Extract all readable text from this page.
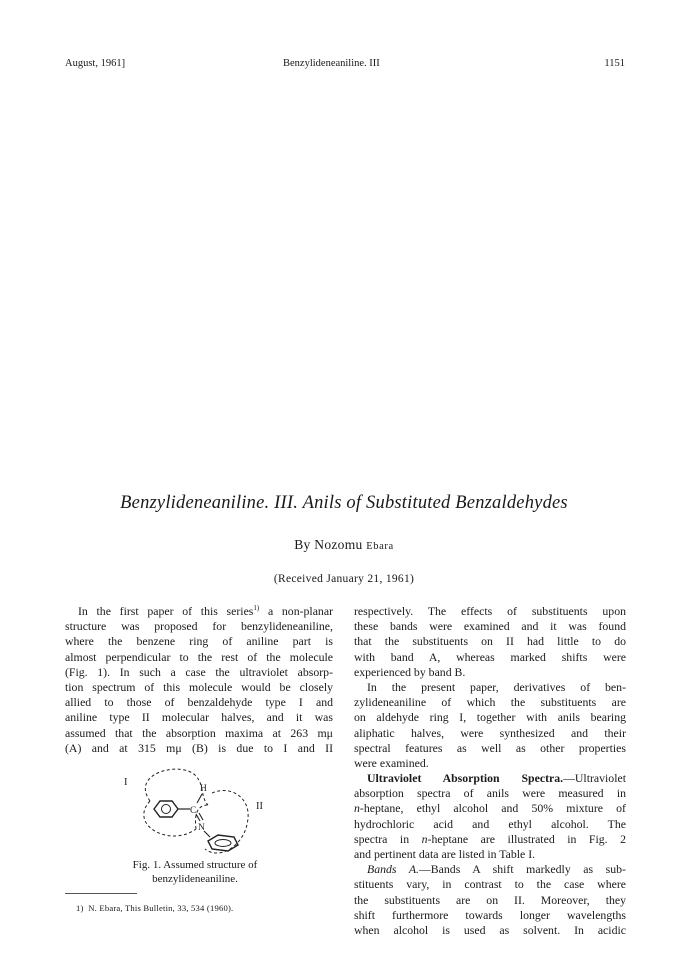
August, 1961]	Benzylideneaniline. III	1151
Benzylideneaniline. III. Anils of Substituted Benzaldehydes
By Nozomu Ebara
(Received January 21, 1961)
In the first paper of this series$^{1)}$ a non-planar
structure was proposed for benzylideneaniline,
where the benzene ring of aniline part is
almost perpendicular to the rest of the molecule
(Fig. 1). In such a case the ultraviolet absorp-
tion spectrum of this molecule would be closely
allied to those of benzaldehyde type I and
aniline type II molecular halves, and it was
assumed that the absorption maxima at 263 mμ
(A) and at 315 mμ (B) is due to I and II
I
II
H
C
N
Fig. 1. Assumed structure of
benzylideneaniline.
1) N. Ebara, This Bulletin, 33, 534 (1960).
respectively. The effects of substituents upon
these bands were examined and it was found
that the substituents on II had little to do
with band A, whereas marked shifts were
experienced by band B.
In the present paper, derivatives of ben-
zylideneaniline of which the substituents are
on aldehyde ring I, together with anils bearing
aliphatic halves, were synthesized and their
spectral features as well as other properties
were examined.
Ultraviolet Absorption Spectra.—Ultraviolet
absorption spectra of anils were measured in
n-heptane, ethyl alcohol and 50% mixture of
hydrochloric acid and ethyl alcohol. The
spectra in n-heptane are illustrated in Fig. 2
and pertinent data are listed in Table I.
Bands A.—Bands A shift markedly as sub-
stituents vary, in contrast to the case where
the substituents are on II. Moreover, they
shift furthermore towards longer wavelengths
when alcohol is used as solvent. In acidic
